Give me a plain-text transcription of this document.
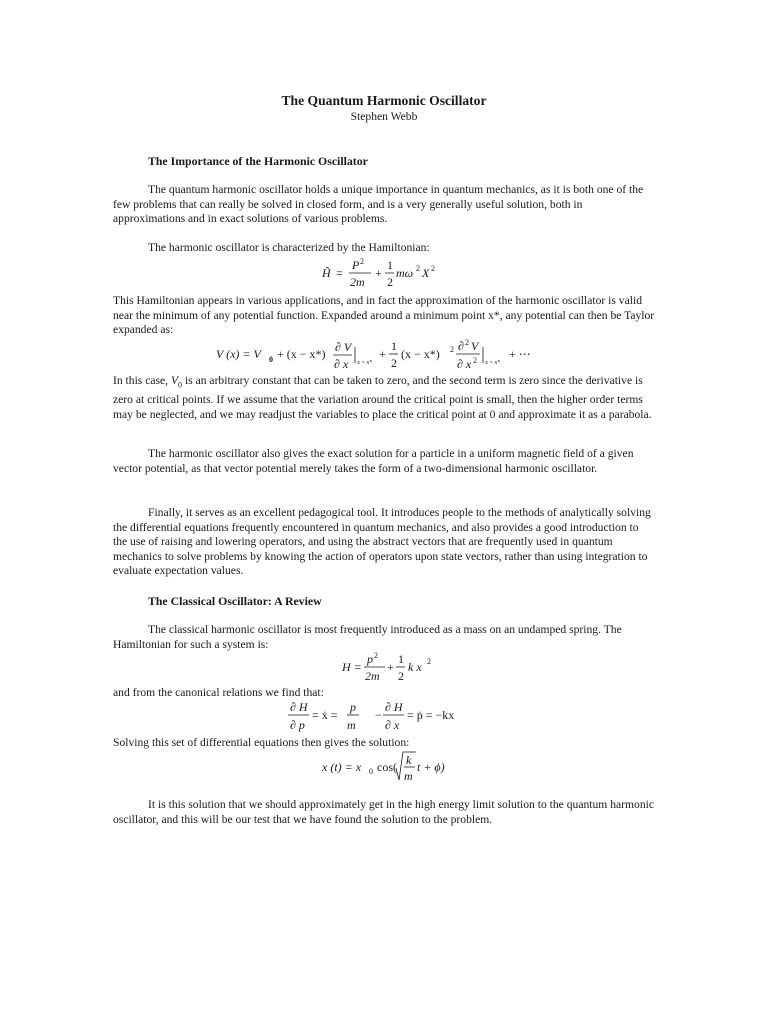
The Quantum Harmonic Oscillator
Stephen Webb
The Importance of the Harmonic Oscillator
The quantum harmonic oscillator holds a unique importance in quantum mechanics, as it is both one of the few problems that can really be solved in closed form, and is a very generally useful solution, both in approximations and in exact solutions of various problems.
The harmonic oscillator is characterized by the Hamiltonian:
Ĥ =
P 2
2m
+
1
2
mω 2 X 2
This Hamiltonian appears in various applications, and in fact the approximation of the harmonic oscillator is valid near the minimum of any potential function. Expanded around a minimum point x*, any potential can then be Taylor expanded as:
V (x) = V 0 + (x − x*) ∂ V
∂ x x = x*
+
1
2
(x − x*) 2 ∂ 2 V
∂ x 2 x = x*
+ ⋯
In this case, $V_0$ is an arbitrary constant that can be taken to zero, and the second term is zero since the derivative is zero at critical points. If we assume that the variation around the critical point is small, then the higher order terms may be neglected, and we may readjust the variables to place the critical point at 0 and approximate it as a parabola.
The harmonic oscillator also gives the exact solution for a particle in a uniform magnetic field of a given vector potential, as that vector potential merely takes the form of a two-dimensional harmonic oscillator.
Finally, it serves as an excellent pedagogical tool. It introduces people to the methods of analytically solving the differential equations frequently encountered in quantum mechanics, and also provides a good introduction to the use of raising and lowering operators, and using the abstract vectors that are frequently used in quantum mechanics to solve problems by knowing the action of operators upon state vectors, rather than using integration to evaluate expectation values.
The Classical Oscillator: A Review
The classical harmonic oscillator is most frequently introduced as a mass on an undamped spring. The Hamiltonian for such a system is:
H =
p 2
2m
+
1
2
k x 2
and from the canonical relations we find that:
∂ H
∂ p
= ẋ =
p
m
−
∂ H
∂ x
= ṗ = −kx
Solving this set of differential equations then gives the solution:
x (t) = x 0 cos( k
m
t + ϕ)
It is this solution that we should approximately get in the high energy limit solution to the quantum harmonic oscillator, and this will be our test that we have found the solution to the problem.
